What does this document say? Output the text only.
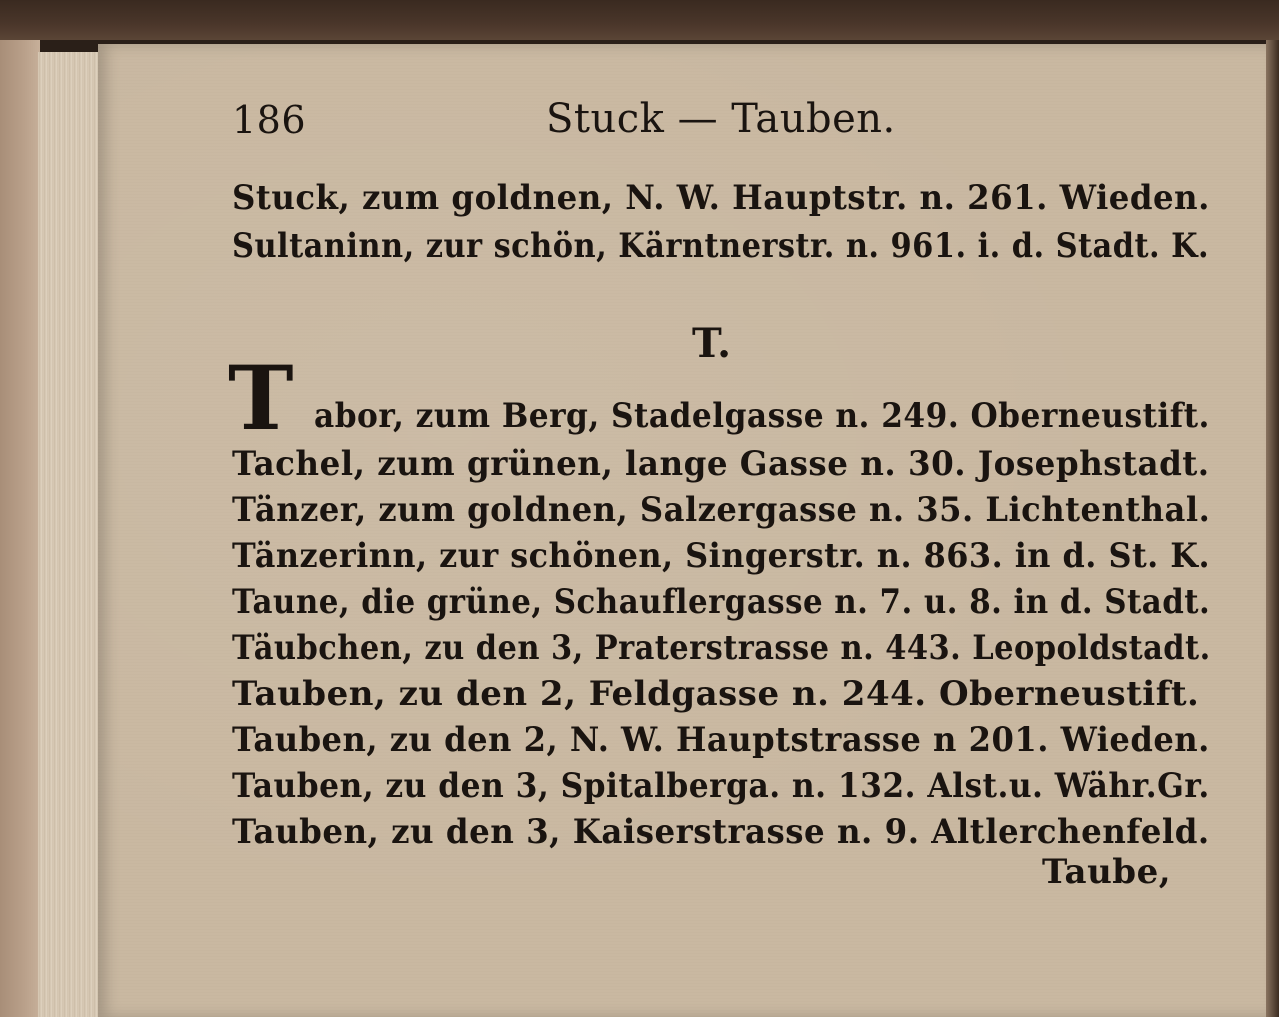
186	Stuck — Tauben.
Stuck, zum goldnen, N. W. Hauptstr. n. 261. Wieden.
Sultaninn, zur schön, Kärntnerstr. n. 961. i. d. Stadt. K.
T.
T abor, zum Berg, Stadelgasse n. 249. Oberneustift.
Tachel, zum grünen, lange Gasse n. 30. Josephstadt.
Tänzer, zum goldnen, Salzergasse n. 35. Lichtenthal.
Tänzerinn, zur schönen, Singerstr. n. 863. in d. St. K.
Taune, die grüne, Schauflergasse n. 7. u. 8. in d. Stadt.
Täubchen, zu den 3, Praterstrasse n. 443. Leopoldstadt.
Tauben, zu den 2, Feldgasse n. 244. Oberneustift.
Tauben, zu den 2, N. W. Hauptstrasse n 201. Wieden.
Tauben, zu den 3, Spitalberga. n. 132. Alst.u. Währ.Gr.
Tauben, zu den 3, Kaiserstrasse n. 9. Altlerchenfeld.
Taube,
